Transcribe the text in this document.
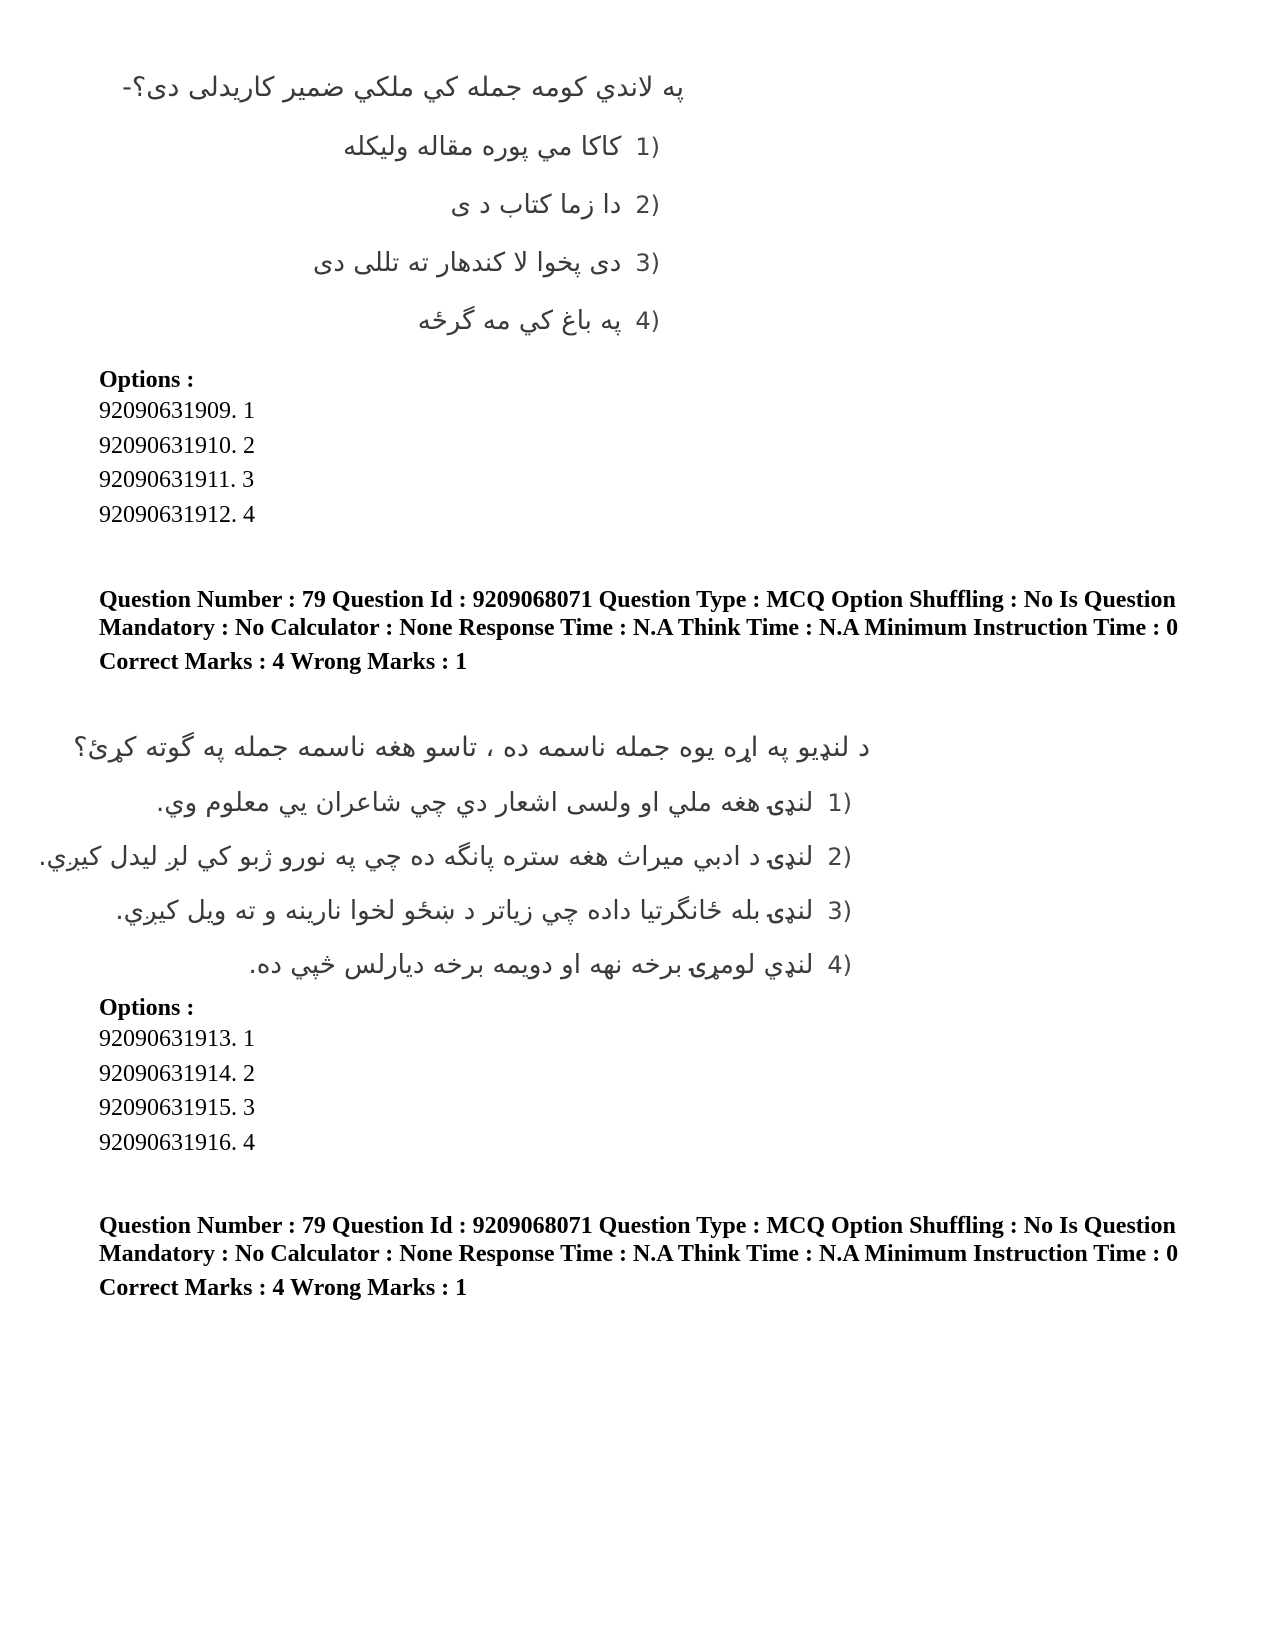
په لاندي کومه جمله کي ملکي ضمير کاريدلی دی؟-
1)
کاکا مي پوره مقاله وليکله
2)
دا زما کتاب د ی
3)
دی پخوا لا کندهار ته تللی دی
4)
په باغ کي مه گرځه
Options :
92090631909. 1
92090631910. 2
92090631911. 3
92090631912. 4
Question Number : 79 Question Id : 9209068071 Question Type : MCQ Option Shuffling : No Is Question Mandatory : No Calculator : None Response Time : N.A Think Time : N.A Minimum Instruction Time : 0
Correct Marks : 4 Wrong Marks : 1
د لنډيو په اړه يوه جمله ناسمه ده ، تاسو هغه ناسمه جمله په گوته کړئ؟
1)
لنډۍ هغه ملي او ولسی اشعار دي چي شاعران يي معلوم وي.
2)
لنډۍ د ادبي ميراث هغه ستره پانگه ده چي په نورو ژبو کي لږ ليدل کيږي.
3)
لنډۍ بله ځانگرتيا داده چي زياتر د ښځو لخوا نارينه و ته ويل کيږي.
4)
لنډي لومړۍ برخه نهه او دويمه برخه ديارلس څپي ده.
Options :
92090631913. 1
92090631914. 2
92090631915. 3
92090631916. 4
Question Number : 79 Question Id : 9209068071 Question Type : MCQ Option Shuffling : No Is Question Mandatory : No Calculator : None Response Time : N.A Think Time : N.A Minimum Instruction Time : 0
Correct Marks : 4 Wrong Marks : 1
